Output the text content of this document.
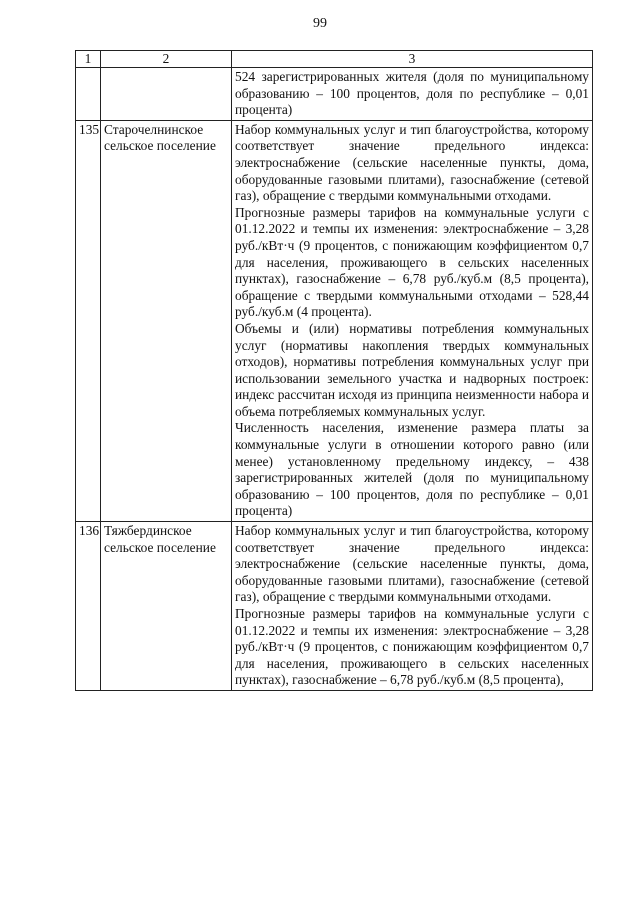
99
1	2	3

		524 зарегистрированных жителя (доля по муниципальному образованию – 100 процентов, доля по республике – 0,01 процента)

135	Старочелнинское сельское поселение	Набор коммунальных услуг и тип благоустройства, которому соответствует значение предельного индекса: электроснабжение (сельские населенные пункты, дома, оборудованные газовыми плитами), газоснабжение (сетевой газ), обращение с твердыми коммунальными отходами.

Прогнозные размеры тарифов на коммунальные услуги с 01.12.2022 и темпы их изменения: электроснабжение – 3,28 руб./кВт·ч (9 процентов, с понижающим коэффициентом 0,7 для населения, проживающего в сельских населенных пунктах), газоснабжение – 6,78 руб./куб.м (8,5 процента), обращение с твердыми коммунальными отходами – 528,44 руб./куб.м (4 процента).

Объемы и (или) нормативы потребления коммунальных услуг (нормативы накопления твердых коммунальных отходов), нормативы потребления коммунальных услуг при использовании земельного участка и надворных построек: индекс рассчитан исходя из принципа неизменности набора и объема потребляемых коммунальных услуг.

Численность населения, изменение размера платы за коммунальные услуги в отношении которого равно (или менее) установленному предельному индексу, – 438 зарегистрированных жителей (доля по муниципальному образованию – 100 процентов, доля по республике – 0,01 процента)

136	Тяжбердинское сельское поселение	Набор коммунальных услуг и тип благоустройства, которому соответствует значение предельного индекса: электроснабжение (сельские населенные пункты, дома, оборудованные газовыми плитами), газоснабжение (сетевой газ), обращение с твердыми коммунальными отходами.

Прогнозные размеры тарифов на коммунальные услуги с 01.12.2022 и темпы их изменения: электроснабжение – 3,28 руб./кВт·ч (9 процентов, с понижающим коэффициентом 0,7 для населения, проживающего в сельских населенных пунктах), газоснабжение – 6,78 руб./куб.м (8,5 процента),
